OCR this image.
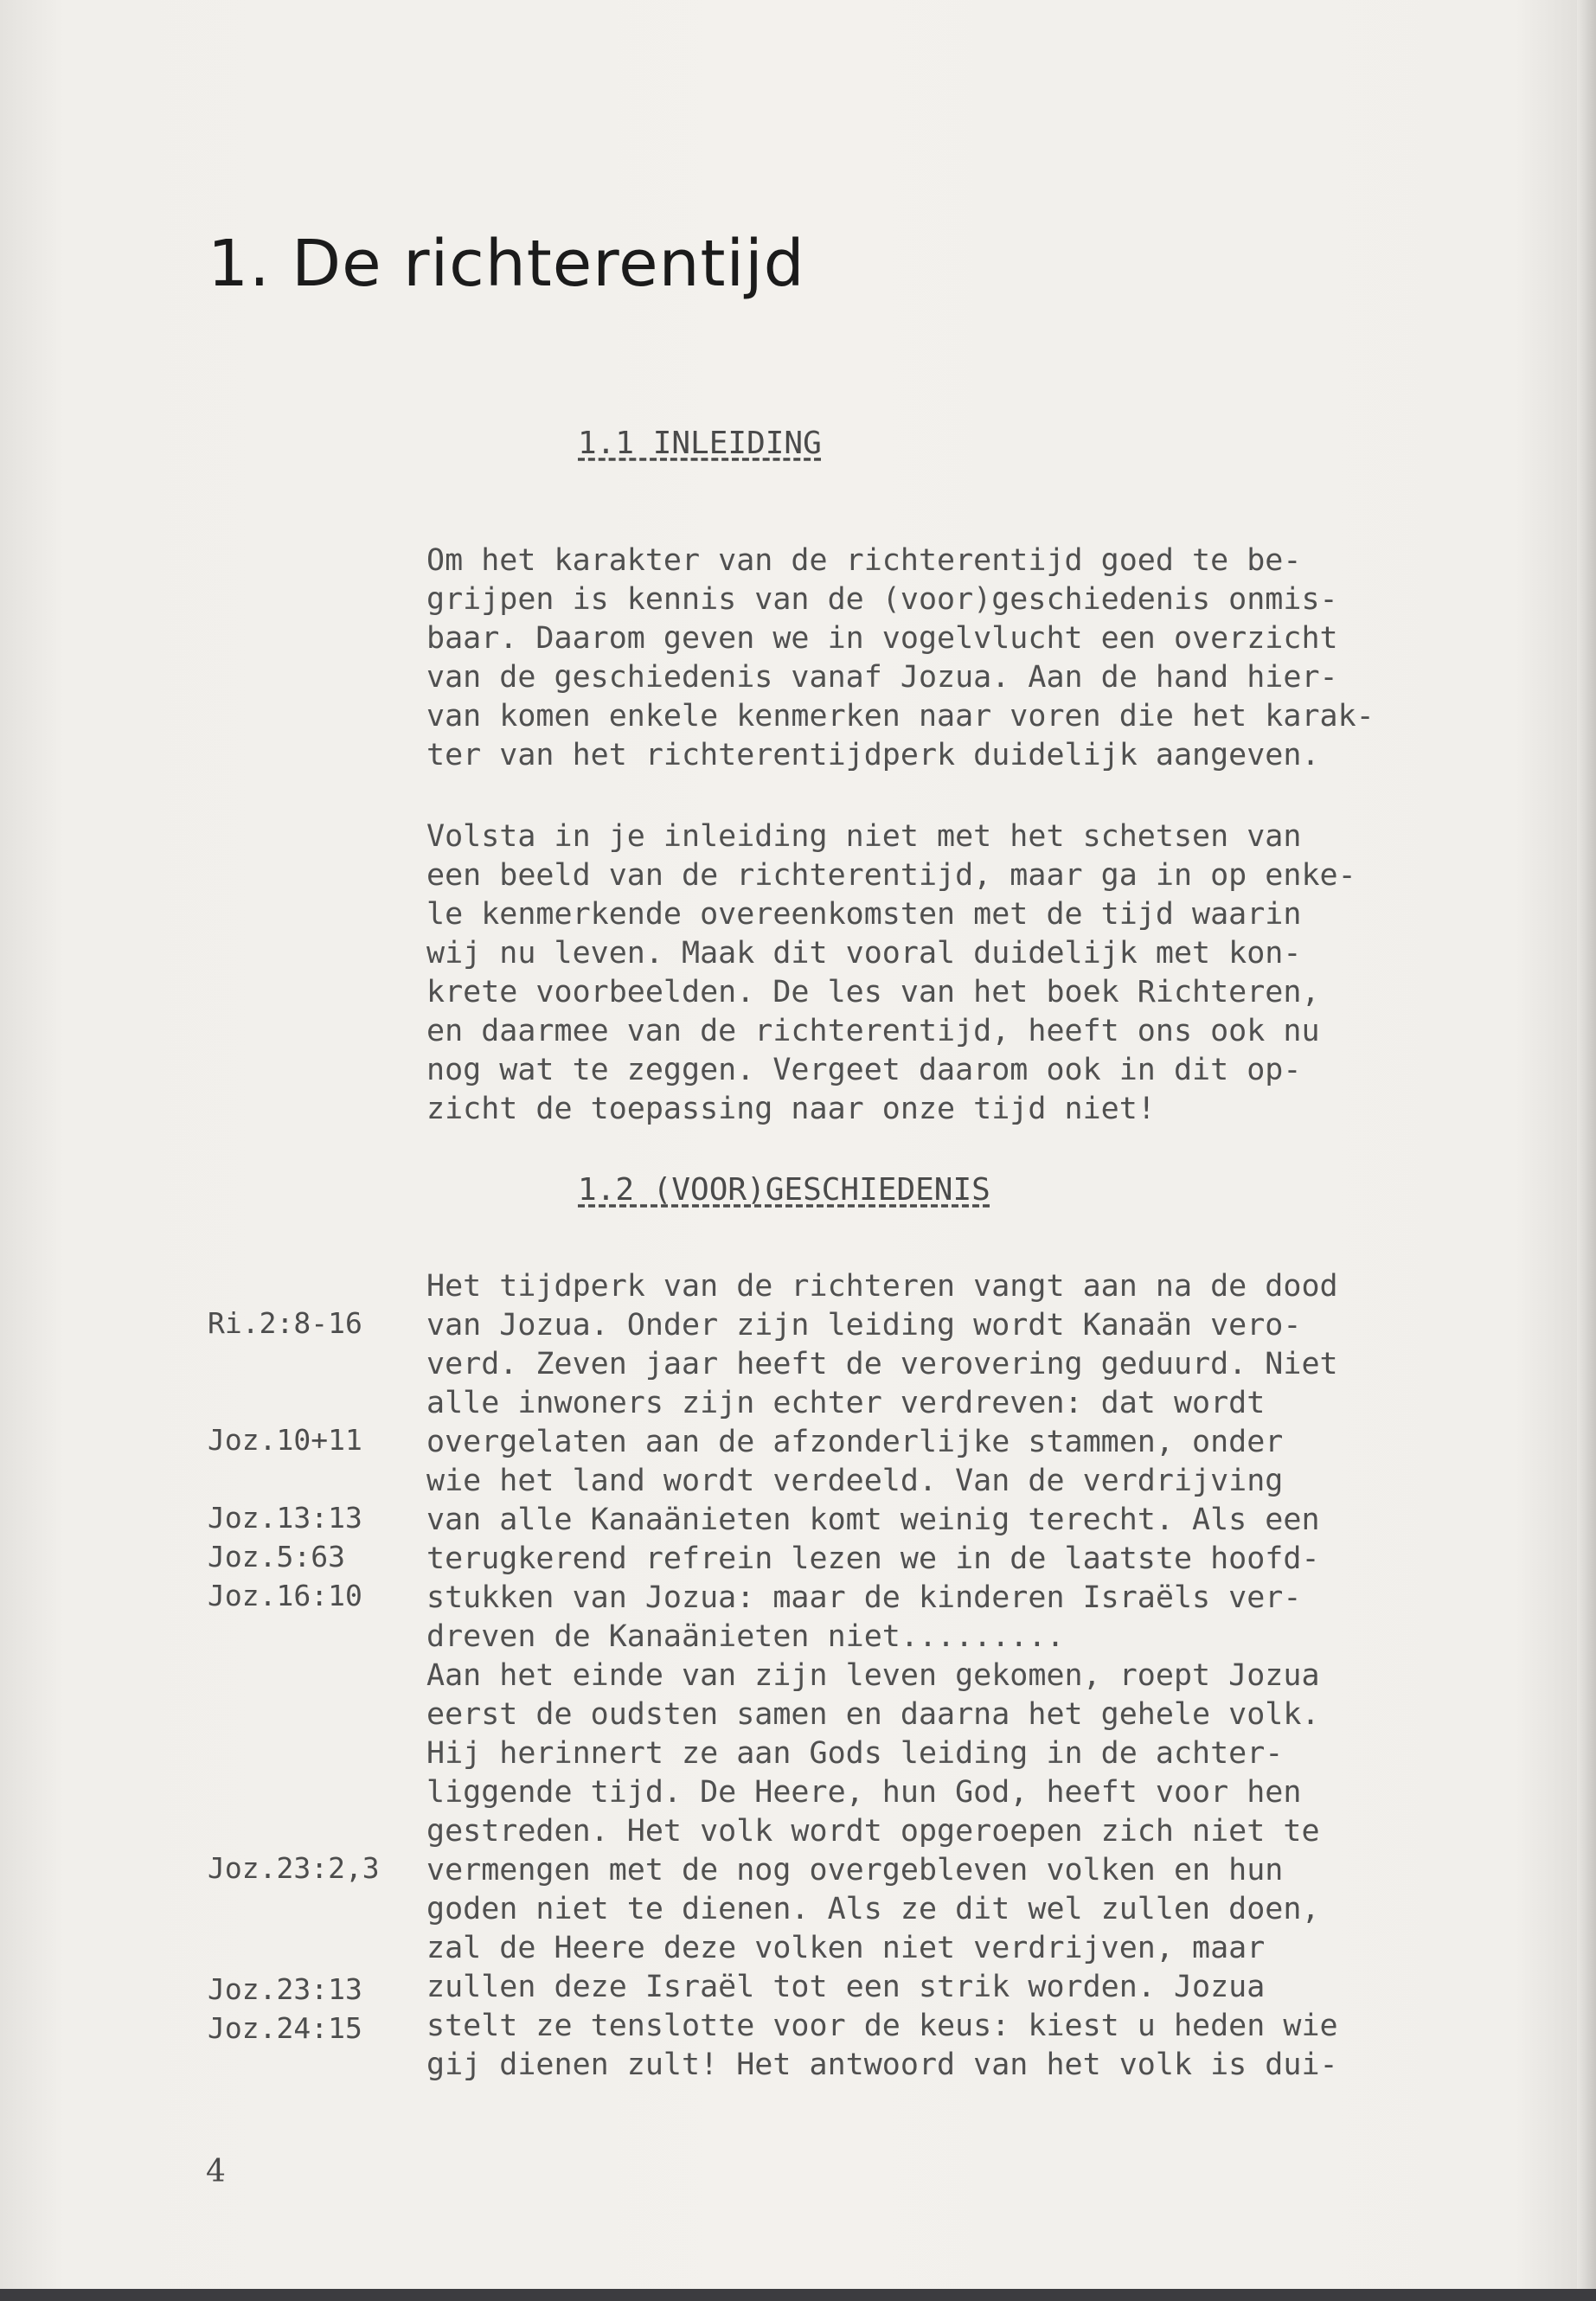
1. De richterentijd
1.1 INLEIDING

Om het karakter van de richterentijd goed te be-
grijpen is kennis van de (voor)geschiedenis onmis-
baar. Daarom geven we in vogelvlucht een overzicht
van de geschiedenis vanaf Jozua. Aan de hand hier-
van komen enkele kenmerken naar voren die het karak-
ter van het richterentijdperk duidelijk aangeven.

Volsta in je inleiding niet met het schetsen van
een beeld van de richterentijd, maar ga in op enke-
le kenmerkende overeenkomsten met de tijd waarin
wij nu leven. Maak dit vooral duidelijk met kon-
krete voorbeelden. De les van het boek Richteren,
en daarmee van de richterentijd, heeft ons ook nu
nog wat te zeggen. Vergeet daarom ook in dit op-
zicht de toepassing naar onze tijd niet!

1.2 (VOOR)GESCHIEDENIS

Het tijdperk van de richteren vangt aan na de dood
van Jozua. Onder zijn leiding wordt Kanaän vero-
verd. Zeven jaar heeft de verovering geduurd. Niet
alle inwoners zijn echter verdreven: dat wordt
overgelaten aan de afzonderlijke stammen, onder
wie het land wordt verdeeld. Van de verdrijving
van alle Kanaänieten komt weinig terecht. Als een
terugkerend refrein lezen we in de laatste hoofd-
stukken van Jozua: maar de kinderen Israëls ver-
dreven de Kanaänieten niet.........
Aan het einde van zijn leven gekomen, roept Jozua
eerst de oudsten samen en daarna het gehele volk.
Hij herinnert ze aan Gods leiding in de achter-
liggende tijd. De Heere, hun God, heeft voor hen
gestreden. Het volk wordt opgeroepen zich niet te
vermengen met de nog overgebleven volken en hun
goden niet te dienen. Als ze dit wel zullen doen,
zal de Heere deze volken niet verdrijven, maar
zullen deze Israël tot een strik worden. Jozua
stelt ze tenslotte voor de keus: kiest u heden wie
gij dienen zult! Het antwoord van het volk is dui-

Ri.2:8-16
Joz.10+11
Joz.13:13
Joz.5:63
Joz.16:10
Joz.23:2,3
Joz.23:13
Joz.24:15
4
